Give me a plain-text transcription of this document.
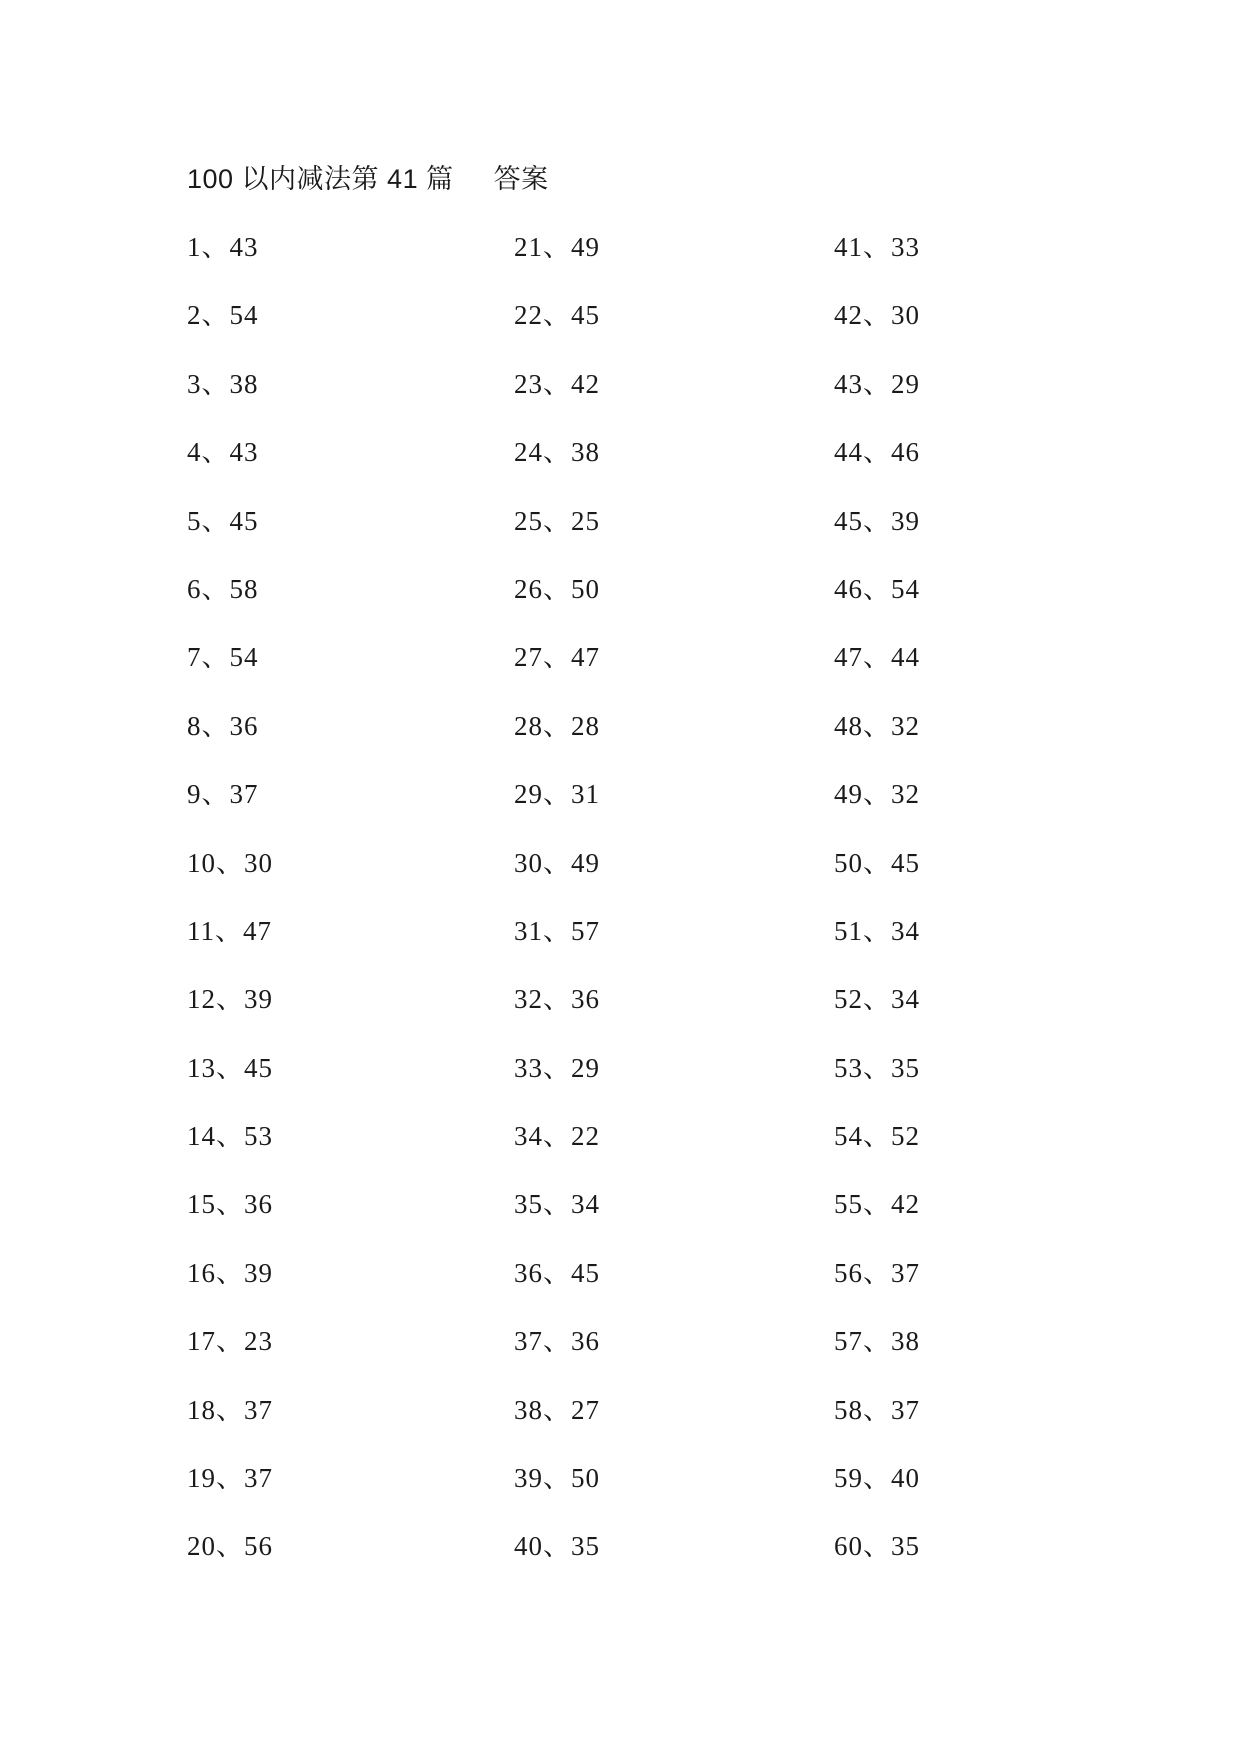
100 以内减法第 41 篇     答案
1、43
2、54
3、38
4、43
5、45
6、58
7、54
8、36
9、37
10、30
11、47
12、39
13、45
14、53
15、36
16、39
17、23
18、37
19、37
20、56
21、49
22、45
23、42
24、38
25、25
26、50
27、47
28、28
29、31
30、49
31、57
32、36
33、29
34、22
35、34
36、45
37、36
38、27
39、50
40、35
41、33
42、30
43、29
44、46
45、39
46、54
47、44
48、32
49、32
50、45
51、34
52、34
53、35
54、52
55、42
56、37
57、38
58、37
59、40
60、35
